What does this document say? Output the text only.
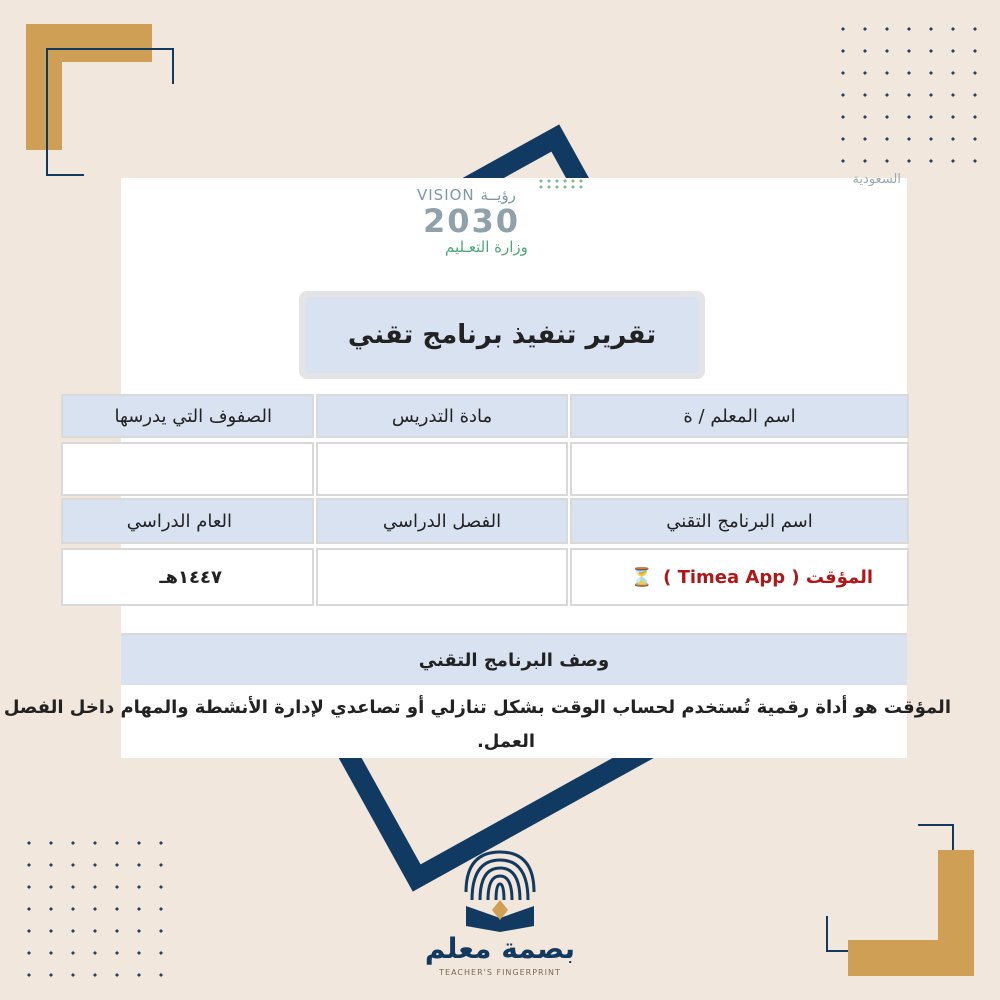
السعودية
VISION رؤيــة
2030
وزارة التعـليم
تقرير تنفيذ برنامج تقني
اسم المعلم / ة
مادة التدريس
الصفوف التي يدرسها
اسم البرنامج التقني
الفصل الدراسي
العام الدراسي
⏳ المؤقت ( Timea App )
١٤٤٧هـ
وصف البرنامج التقني
المؤقت هو أداة رقمية تُستخدم لحساب الوقت بشكل تنازلي أو تصاعدي لإدارة الأنشطة والمهام داخل الفصل
العمل.
بصمة معلم
TEACHER'S FINGERPRINT
